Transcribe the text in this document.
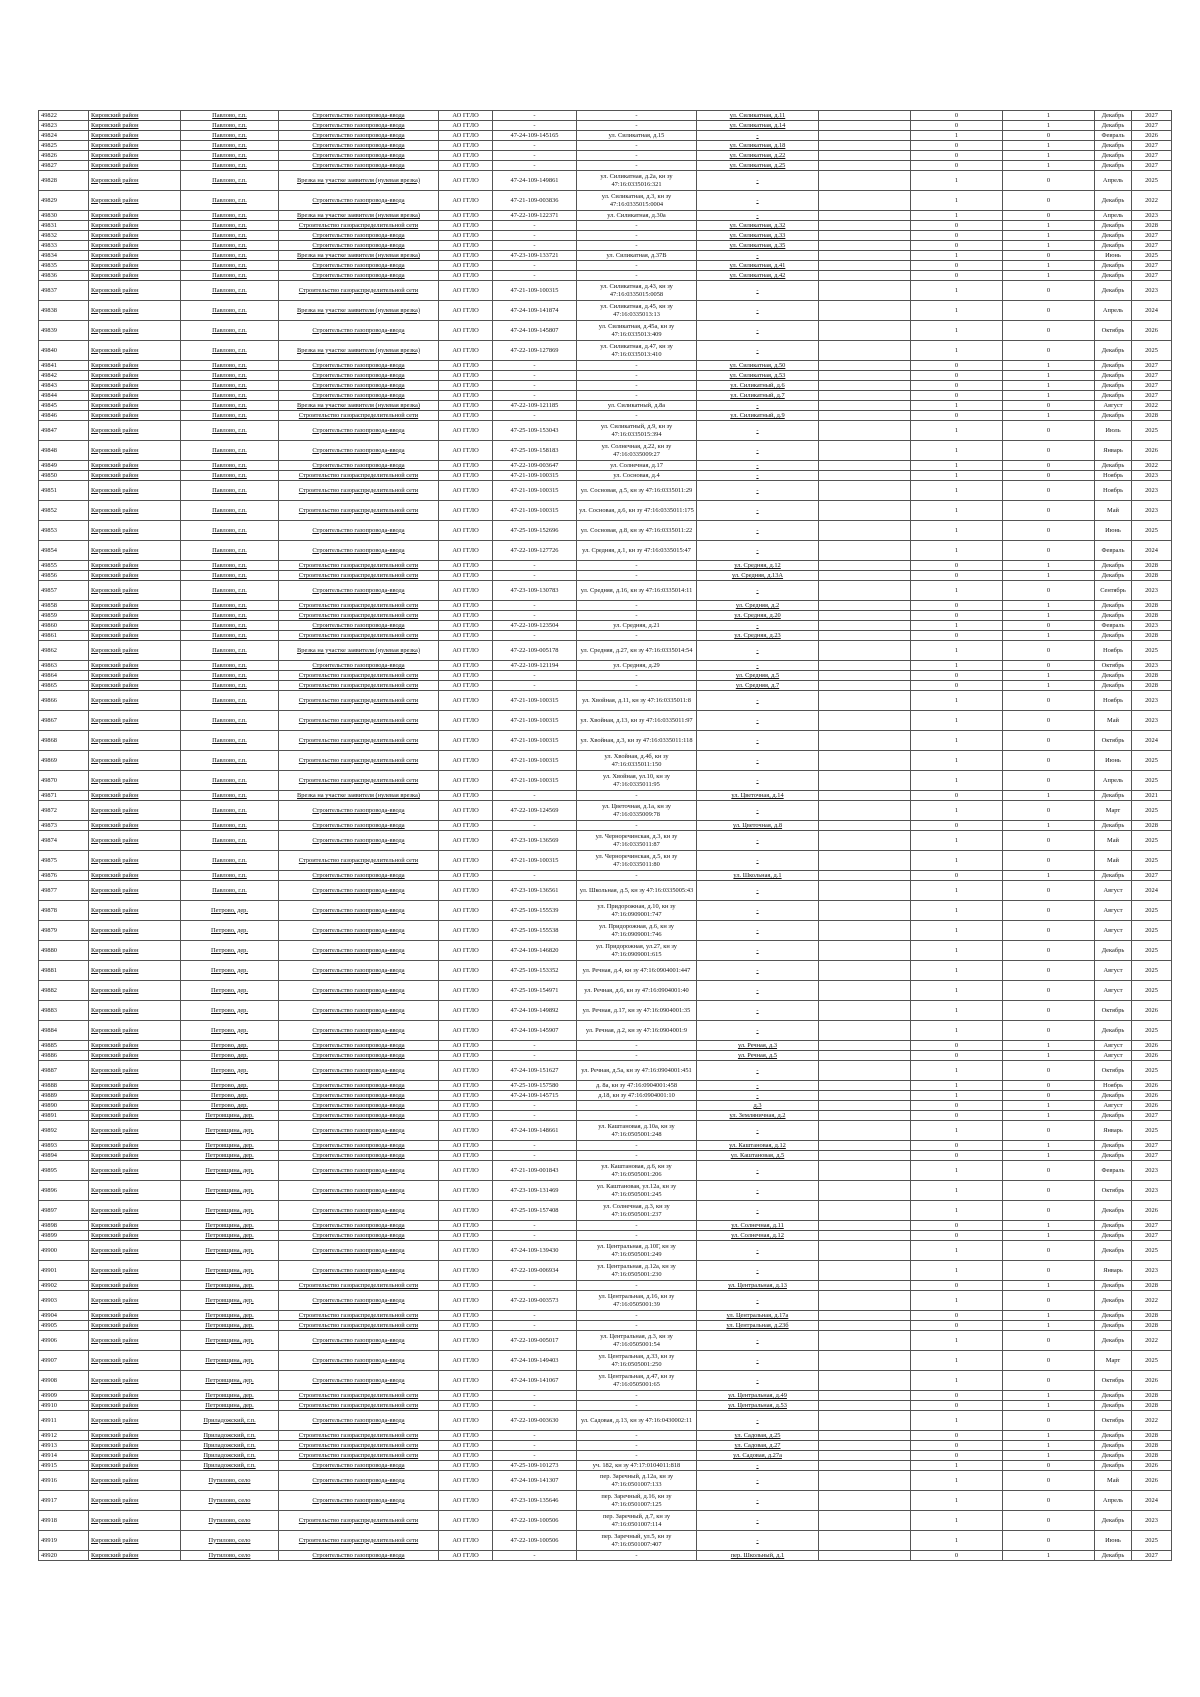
49822	Кировский район	Павлово, г.п.	Строительство газопровода-ввода	АО ГГЛО	-	-	ул. Силикатная, д.11		0	1	Декабрь	2027
49823	Кировский район	Павлово, г.п.	Строительство газопровода-ввода	АО ГГЛО	-	-	ул. Силикатная, д.14		0	1	Декабрь	2027
49824	Кировский район	Павлово, г.п.	Строительство газопровода-ввода	АО ГГЛО	47-24-109-145165	ул. Силикатная, д.15	-		1	0	Февраль	2026
49825	Кировский район	Павлово, г.п.	Строительство газопровода-ввода	АО ГГЛО	-	-	ул. Силикатная, д.18		0	1	Декабрь	2027
49826	Кировский район	Павлово, г.п.	Строительство газопровода-ввода	АО ГГЛО	-	-	ул. Силикатная, д.22		0	1	Декабрь	2027
49827	Кировский район	Павлово, г.п.	Строительство газопровода-ввода	АО ГГЛО	-	-	ул. Силикатная, д.25		0	1	Декабрь	2027
49828	Кировский район	Павлово, г.п.	Врезка на участке заявителя (нулевая врезка)	АО ГГЛО	47-24-109-149861	ул. Силикатная, д.2а, кн зу 47:16:0335016:321	-		1	0	Апрель	2025
49829	Кировский район	Павлово, г.п.	Строительство газопровода-ввода	АО ГГЛО	47-21-109-003836	ул. Силикатная, д.3, кн зу 47:16:0335015:0004	-		1	0	Декабрь	2022
49830	Кировский район	Павлово, г.п.	Врезка на участке заявителя (нулевая врезка)	АО ГГЛО	47-22-109-122371	ул. Силикатная, д.30а	-		1	0	Апрель	2023
49831	Кировский район	Павлово, г.п.	Строительство газораспределительной сети	АО ГГЛО	-	-	ул. Силикатная, д.32		0	1	Декабрь	2028
49832	Кировский район	Павлово, г.п.	Строительство газопровода-ввода	АО ГГЛО	-	-	ул. Силикатная, д.33		0	1	Декабрь	2027
49833	Кировский район	Павлово, г.п.	Строительство газопровода-ввода	АО ГГЛО	-	-	ул. Силикатная, д.35		0	1	Декабрь	2027
49834	Кировский район	Павлово, г.п.	Врезка на участке заявителя (нулевая врезка)	АО ГГЛО	47-23-109-133721	ул. Силикатная, д.37В	-		1	0	Июнь	2025
49835	Кировский район	Павлово, г.п.	Строительство газопровода-ввода	АО ГГЛО	-	-	ул. Силикатная, д.41		0	1	Декабрь	2027
49836	Кировский район	Павлово, г.п.	Строительство газопровода-ввода	АО ГГЛО	-	-	ул. Силикатная, д.42		0	1	Декабрь	2027
49837	Кировский район	Павлово, г.п.	Строительство газораспределительной сети	АО ГГЛО	47-21-109-100315	ул. Силикатная, д.43, кн зу 47:16:0335015:0058	-		1	0	Декабрь	2023
49838	Кировский район	Павлово, г.п.	Врезка на участке заявителя (нулевая врезка)	АО ГГЛО	47-24-109-141874	ул. Силикатная, д.45, кн зу 47:16:0335013:13	-		1	0	Апрель	2024
49839	Кировский район	Павлово, г.п.	Строительство газопровода-ввода	АО ГГЛО	47-24-109-145807	ул. Силикатная, д.45а, кн зу 47:16:0335013:409	-		1	0	Октябрь	2026
49840	Кировский район	Павлово, г.п.	Врезка на участке заявителя (нулевая врезка)	АО ГГЛО	47-22-109-127869	ул. Силикатная, д.47, кн зу 47:16:0335013:410	-		1	0	Декабрь	2025
49841	Кировский район	Павлово, г.п.	Строительство газопровода-ввода	АО ГГЛО	-	-	ул. Силикатная, д.50		0	1	Декабрь	2027
49842	Кировский район	Павлово, г.п.	Строительство газопровода-ввода	АО ГГЛО	-	-	ул. Силикатная, д.53		0	1	Декабрь	2027
49843	Кировский район	Павлово, г.п.	Строительство газопровода-ввода	АО ГГЛО	-	-	ул. Силикатный, д.6		0	1	Декабрь	2027
49844	Кировский район	Павлово, г.п.	Строительство газопровода-ввода	АО ГГЛО	-	-	ул. Силикатный, д.7		0	1	Декабрь	2027
49845	Кировский район	Павлово, г.п.	Врезка на участке заявителя (нулевая врезка)	АО ГГЛО	47-22-109-121185	ул. Силикатный, д.8а	-		1	0	Август	2022
49846	Кировский район	Павлово, г.п.	Строительство газораспределительной сети	АО ГГЛО	-	-	ул. Силикатный, д.9		0	1	Декабрь	2028
49847	Кировский район	Павлово, г.п.	Строительство газопровода-ввода	АО ГГЛО	47-25-109-153043	ул. Силикатный, д.9, кн зу 47:16:0335015:394	-		1	0	Июль	2025
49848	Кировский район	Павлово, г.п.	Строительство газопровода-ввода	АО ГГЛО	47-25-109-158183	ул. Солнечная, д.22, кн зу 47:16:0335009:27	-		1	0	Январь	2026
49849	Кировский район	Павлово, г.п.	Строительство газопровода-ввода	АО ГГЛО	47-22-109-003647	ул. Солнечная, д.17	-		1	0	Декабрь	2022
49850	Кировский район	Павлово, г.п.	Строительство газораспределительной сети	АО ГГЛО	47-21-109-100315	ул. Сосновая, д.4	-		1	0	Ноябрь	2023
49851	Кировский район	Павлово, г.п.	Строительство газораспределительной сети	АО ГГЛО	47-21-109-100315	ул. Сосновая, д.5, кн зу 47:16:0335011:29	-		1	0	Ноябрь	2023
49852	Кировский район	Павлово, г.п.	Строительство газораспределительной сети	АО ГГЛО	47-21-109-100315	ул. Сосновая, д.6, кн зу 47:16:0335011:175	-		1	0	Май	2023
49853	Кировский район	Павлово, г.п.	Строительство газопровода-ввода	АО ГГЛО	47-25-109-152696	ул. Сосновая, д.8, кн зу 47:16:0335011:22	-		1	0	Июнь	2025
49854	Кировский район	Павлово, г.п.	Строительство газопровода-ввода	АО ГГЛО	47-22-109-127726	ул. Средняя, д.1, кн зу 47:16:0335015:47	-		1	0	Февраль	2024
49855	Кировский район	Павлово, г.п.	Строительство газораспределительной сети	АО ГГЛО	-	-	ул. Средняя, д.12		0	1	Декабрь	2028
49856	Кировский район	Павлово, г.п.	Строительство газораспределительной сети	АО ГГЛО	-	-	ул. Средняя, д.13А		0	1	Декабрь	2028
49857	Кировский район	Павлово, г.п.	Строительство газопровода-ввода	АО ГГЛО	47-23-109-130783	ул. Средняя, д.16, кн зу 47:16:0335014:11	-		1	0	Сентябрь	2023
49858	Кировский район	Павлово, г.п.	Строительство газораспределительной сети	АО ГГЛО	-	-	ул. Средняя, д.2		0	1	Декабрь	2028
49859	Кировский район	Павлово, г.п.	Строительство газораспределительной сети	АО ГГЛО	-	-	ул. Средняя, д.20		0	1	Декабрь	2028
49860	Кировский район	Павлово, г.п.	Строительство газопровода-ввода	АО ГГЛО	47-22-109-123504	ул. Средняя, д.21	-		1	0	Февраль	2023
49861	Кировский район	Павлово, г.п.	Строительство газораспределительной сети	АО ГГЛО	-	-	ул. Средняя, д.23		0	1	Декабрь	2028
49862	Кировский район	Павлово, г.п.	Врезка на участке заявителя (нулевая врезка)	АО ГГЛО	47-22-109-005178	ул. Средняя, д.27, кн зу 47:16:0335014:54	-		1	0	Ноябрь	2025
49863	Кировский район	Павлово, г.п.	Строительство газопровода-ввода	АО ГГЛО	47-22-109-121194	ул. Средняя, д.29	-		1	0	Октябрь	2023
49864	Кировский район	Павлово, г.п.	Строительство газораспределительной сети	АО ГГЛО	-	-	ул. Средняя, д.5		0	1	Декабрь	2028
49865	Кировский район	Павлово, г.п.	Строительство газораспределительной сети	АО ГГЛО	-	-	ул. Средняя, д.7		0	1	Декабрь	2028
49866	Кировский район	Павлово, г.п.	Строительство газораспределительной сети	АО ГГЛО	47-21-109-100315	ул. Хвойная, д.11, кн зу 47:16:0335011:8	-		1	0	Ноябрь	2023
49867	Кировский район	Павлово, г.п.	Строительство газораспределительной сети	АО ГГЛО	47-21-109-100315	ул. Хвойная, д.13, кн зу 47:16:0335011:97	-		1	0	Май	2023
49868	Кировский район	Павлово, г.п.	Строительство газораспределительной сети	АО ГГЛО	47-21-109-100315	ул. Хвойная, д.3, кн зу 47:16:0335011:118	-		1	0	Октябрь	2024
49869	Кировский район	Павлово, г.п.	Строительство газораспределительной сети	АО ГГЛО	47-21-109-100315	ул. Хвойная, д.4б, кн зу 47:16:0335011:150	-		1	0	Июнь	2025
49870	Кировский район	Павлово, г.п.	Строительство газораспределительной сети	АО ГГЛО	47-21-109-100315	ул. Хвойная, ул.10, кн зу 47:16:0335011:95	-		1	0	Апрель	2025
49871	Кировский район	Павлово, г.п.	Врезка на участке заявителя (нулевая врезка)	АО ГГЛО	-	-	ул. Цветочная, д.14		0	1	Декабрь	2021
49872	Кировский район	Павлово, г.п.	Строительство газопровода-ввода	АО ГГЛО	47-22-109-124569	ул. Цветочная, д.1а, кн зу 47:16:0335009:78	-		1	0	Март	2025
49873	Кировский район	Павлово, г.п.	Строительство газопровода-ввода	АО ГГЛО	-	-	ул. Цветочная, д.8		0	1	Декабрь	2028
49874	Кировский район	Павлово, г.п.	Строительство газопровода-ввода	АО ГГЛО	47-23-109-136569	ул. Черноречинская, д.3, кн зу 47:16:0335011:87	-		1	0	Май	2025
49875	Кировский район	Павлово, г.п.	Строительство газораспределительной сети	АО ГГЛО	47-21-109-100315	ул. Черноречинская, д.5, кн зу 47:16:0335011:80	-		1	0	Май	2025
49876	Кировский район	Павлово, г.п.	Строительство газопровода-ввода	АО ГГЛО	-	-	ул. Школьная, д.1		0	1	Декабрь	2027
49877	Кировский район	Павлово, г.п.	Строительство газопровода-ввода	АО ГГЛО	47-23-109-136561	ул. Школьная, д.5, кн зу 47:16:0335005:43	-		1	0	Август	2024
49878	Кировский район	Петрово, дер.	Строительство газопровода-ввода	АО ГГЛО	47-25-109-155539	ул. Придорожная, д.10, кн зу 47:16:0909001:747	-		1	0	Август	2025
49879	Кировский район	Петрово, дер.	Строительство газопровода-ввода	АО ГГЛО	47-25-109-155538	ул. Придорожная, д.6, кн зу 47:16:0909001:746	-		1	0	Август	2025
49880	Кировский район	Петрово, дер.	Строительство газопровода-ввода	АО ГГЛО	47-24-109-146820	ул. Придорожная, ул.27, кн зу 47:16:0909001:615	-		1	0	Декабрь	2025
49881	Кировский район	Петрово, дер.	Строительство газопровода-ввода	АО ГГЛО	47-25-109-153352	ул. Речная, д.4, кн зу 47:16:0904001:447	-		1	0	Август	2025
49882	Кировский район	Петрово, дер.	Строительство газопровода-ввода	АО ГГЛО	47-25-109-154971	ул. Речная, д.6, кн зу 47:16:0904001:40	-		1	0	Август	2025
49883	Кировский район	Петрово, дер.	Строительство газопровода-ввода	АО ГГЛО	47-24-109-149892	ул. Речная, д.17, кн зу 47:16:0904001:35	-		1	0	Октябрь	2026
49884	Кировский район	Петрово, дер.	Строительство газопровода-ввода	АО ГГЛО	47-24-109-145907	ул. Речная, д.2, кн зу 47:16:0904001:9	-		1	0	Декабрь	2025
49885	Кировский район	Петрово, дер.	Строительство газопровода-ввода	АО ГГЛО	-	-	ул. Речная, д.3		0	1	Август	2026
49886	Кировский район	Петрово, дер.	Строительство газопровода-ввода	АО ГГЛО	-	-	ул. Речная, д.5		0	1	Август	2026
49887	Кировский район	Петрово, дер.	Строительство газопровода-ввода	АО ГГЛО	47-24-109-151627	ул. Речная, д.5а, кн зу 47:16:0904001:451	-		1	0	Октябрь	2025
49888	Кировский район	Петрово, дер.	Строительство газопровода-ввода	АО ГГЛО	47-25-109-157580	д. 8а, кн зу 47:16:0904001:458	-		1	0	Ноябрь	2026
49889	Кировский район	Петрово, дер.	Строительство газопровода-ввода	АО ГГЛО	47-24-109-145715	д.18, кн зу 47:16:0904001:10	-		1	0	Декабрь	2026
49890	Кировский район	Петрово, дер.	Строительство газопровода-ввода	АО ГГЛО	-	-	д.3		0	1	Август	2026
49891	Кировский район	Петровщина, дер.	Строительство газопровода-ввода	АО ГГЛО	-	-	ул. Земляничная, д.2		0	1	Декабрь	2027
49892	Кировский район	Петровщина, дер.	Строительство газопровода-ввода	АО ГГЛО	47-24-109-148661	ул. Каштановая, д.10а, кн зу 47:16:0505001:248	-		1	0	Январь	2025
49893	Кировский район	Петровщина, дер.	Строительство газопровода-ввода	АО ГГЛО	-	-	ул. Каштановая, д.12		0	1	Декабрь	2027
49894	Кировский район	Петровщина, дер.	Строительство газопровода-ввода	АО ГГЛО	-	-	ул. Каштановая, д.5		0	1	Декабрь	2027
49895	Кировский район	Петровщина, дер.	Строительство газопровода-ввода	АО ГГЛО	47-21-109-001843	ул. Каштановая, д.6, кн зу 47:16:0505001:206	-		1	0	Февраль	2023
49896	Кировский район	Петровщина, дер.	Строительство газопровода-ввода	АО ГГЛО	47-23-109-131469	ул. Каштановая, ул.12а, кн зу 47:16:0505001:245	-		1	0	Октябрь	2023
49897	Кировский район	Петровщина, дер.	Строительство газопровода-ввода	АО ГГЛО	47-25-109-157408	ул. Солнечная, д.3, кн зу 47:16:0505001:237	-		1	0	Декабрь	2026
49898	Кировский район	Петровщина, дер.	Строительство газопровода-ввода	АО ГГЛО	-	-	ул. Солнечная, д.11		0	1	Декабрь	2027
49899	Кировский район	Петровщина, дер.	Строительство газопровода-ввода	АО ГГЛО	-	-	ул. Солнечная, д.12		0	1	Декабрь	2027
49900	Кировский район	Петровщина, дер.	Строительство газопровода-ввода	АО ГГЛО	47-24-109-139430	ул. Центральная, д.10Г, кн зу 47:16:0505001:249	-		1	0	Декабрь	2025
49901	Кировский район	Петровщина, дер.	Строительство газопровода-ввода	АО ГГЛО	47-22-109-006934	ул. Центральная, д.12а, кн зу 47:16:0505001:230	-		1	0	Январь	2023
49902	Кировский район	Петровщина, дер.	Строительство газораспределительной сети	АО ГГЛО	-	-	ул. Центральная, д.13		0	1	Декабрь	2028
49903	Кировский район	Петровщина, дер.	Строительство газопровода-ввода	АО ГГЛО	47-22-109-003573	ул. Центральная, д.16, кн зу 47:16:0505001:39	-		1	0	Декабрь	2022
49904	Кировский район	Петровщина, дер.	Строительство газораспределительной сети	АО ГГЛО	-	-	ул. Центральная, д.17а		0	1	Декабрь	2028
49905	Кировский район	Петровщина, дер.	Строительство газораспределительной сети	АО ГГЛО	-	-	ул. Центральная, д.23б		0	1	Декабрь	2028
49906	Кировский район	Петровщина, дер.	Строительство газопровода-ввода	АО ГГЛО	47-22-109-005017	ул. Центральная, д.3, кн зу 47:16:0505001:54	-		1	0	Декабрь	2022
49907	Кировский район	Петровщина, дер.	Строительство газопровода-ввода	АО ГГЛО	47-24-109-149403	ул. Центральная, д.33, кн зу 47:16:0505001:250	-		1	0	Март	2025
49908	Кировский район	Петровщина, дер.	Строительство газопровода-ввода	АО ГГЛО	47-24-109-141067	ул. Центральная, д.47, кн зу 47:16:0505001:65	-		1	0	Октябрь	2026
49909	Кировский район	Петровщина, дер.	Строительство газораспределительной сети	АО ГГЛО	-	-	ул. Центральная, д.49		0	1	Декабрь	2028
49910	Кировский район	Петровщина, дер.	Строительство газораспределительной сети	АО ГГЛО	-	-	ул. Центральная, д.53		0	1	Декабрь	2028
49911	Кировский район	Приладожский, г.п.	Строительство газопровода-ввода	АО ГГЛО	47-22-109-003630	ул. Садовая, д.13, кн зу 47:16:0430002:11	-		1	0	Октябрь	2022
49912	Кировский район	Приладожский, г.п.	Строительство газораспределительной сети	АО ГГЛО	-	-	ул. Садовая, д.25		0	1	Декабрь	2028
49913	Кировский район	Приладожский, г.п.	Строительство газораспределительной сети	АО ГГЛО	-	-	ул. Садовая, д.27		0	1	Декабрь	2028
49914	Кировский район	Приладожский, г.п.	Строительство газораспределительной сети	АО ГГЛО	-	-	ул. Садовая, д.27а		0	1	Декабрь	2028
49915	Кировский район	Приладожский, г.п.	Строительство газопровода-ввода	АО ГГЛО	47-25-109-101273	уч. 182, кн зу 47:17:0104011:818	-		1	0	Декабрь	2026
49916	Кировский район	Путилово, село	Строительство газопровода-ввода	АО ГГЛО	47-24-109-141307	пер. Заречный, д.12а, кн зу 47:16:0501007:133	-		1	0	Май	2026
49917	Кировский район	Путилово, село	Строительство газопровода-ввода	АО ГГЛО	47-23-109-135646	пер. Заречный, д.16, кн зу 47:16:0501007:125	-		1	0	Апрель	2024
49918	Кировский район	Путилово, село	Строительство газораспределительной сети	АО ГГЛО	47-22-109-100506	пер. Заречный, д.7, кн зу 47:16:0501007:114	-		1	0	Декабрь	2023
49919	Кировский район	Путилово, село	Строительство газораспределительной сети	АО ГГЛО	47-22-109-100506	пер. Заречный, ул.5, кн зу 47:16:0501007:407	-		1	0	Июнь	2025
49920	Кировский район	Путилово, село	Строительство газопровода-ввода	АО ГГЛО	-	-	пер. Школьный, д.1		0	1	Декабрь	2027
